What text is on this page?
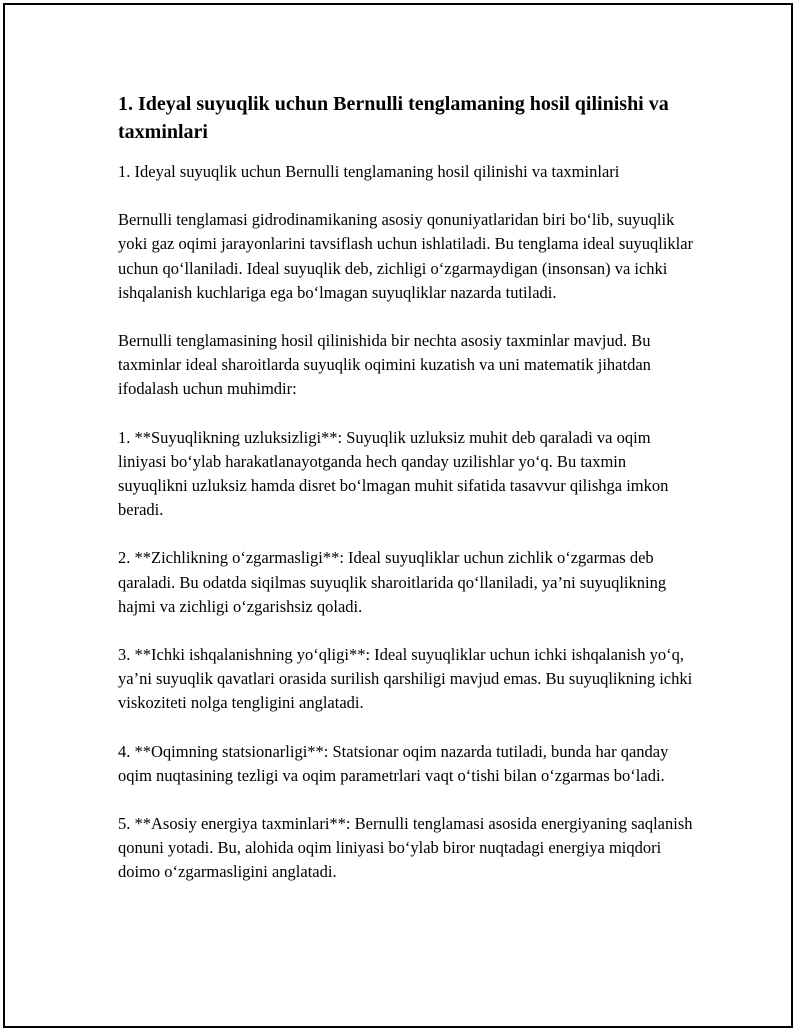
1. Ideyal suyuqlik uchun Bernulli tenglamaning hosil qilinishi va taxminlari

1. Ideyal suyuqlik uchun Bernulli tenglamaning hosil qilinishi va taxminlari

Bernulli tenglamasi gidrodinamikaning asosiy qonuniyatlaridan biri bo‘lib, suyuqlik yoki gaz oqimi jarayonlarini tavsiflash uchun ishlatiladi. Bu tenglama ideal suyuqliklar uchun qo‘llaniladi. Ideal suyuqlik deb, zichligi o‘zgarmaydigan (insonsan) va ichki ishqalanish kuchlariga ega bo‘lmagan suyuqliklar nazarda tutiladi.

Bernulli tenglamasining hosil qilinishida bir nechta asosiy taxminlar mavjud. Bu taxminlar ideal sharoitlarda suyuqlik oqimini kuzatish va uni matematik jihatdan ifodalash uchun muhimdir:

1. **Suyuqlikning uzluksizligi**: Suyuqlik uzluksiz muhit deb qaraladi va oqim liniyasi bo‘ylab harakatlanayotganda hech qanday uzilishlar yo‘q. Bu taxmin suyuqlikni uzluksiz hamda disret bo‘lmagan muhit sifatida tasavvur qilishga imkon beradi.

2. **Zichlikning o‘zgarmasligi**: Ideal suyuqliklar uchun zichlik o‘zgarmas deb qaraladi. Bu odatda siqilmas suyuqlik sharoitlarida qo‘llaniladi, ya’ni suyuqlikning hajmi va zichligi o‘zgarishsiz qoladi.

3. **Ichki ishqalanishning yo‘qligi**: Ideal suyuqliklar uchun ichki ishqalanish yo‘q, ya’ni suyuqlik qavatlari orasida surilish qarshiligi mavjud emas. Bu suyuqlikning ichki viskoziteti nolga tengligini anglatadi.

4. **Oqimning statsionarligi**: Statsionar oqim nazarda tutiladi, bunda har qanday oqim nuqtasining tezligi va oqim parametrlari vaqt o‘tishi bilan o‘zgarmas bo‘ladi.

5. **Asosiy energiya taxminlari**: Bernulli tenglamasi asosida energiyaning saqlanish qonuni yotadi. Bu, alohida oqim liniyasi bo‘ylab biror nuqtadagi energiya miqdori doimo o‘zgarmasligini anglatadi.
